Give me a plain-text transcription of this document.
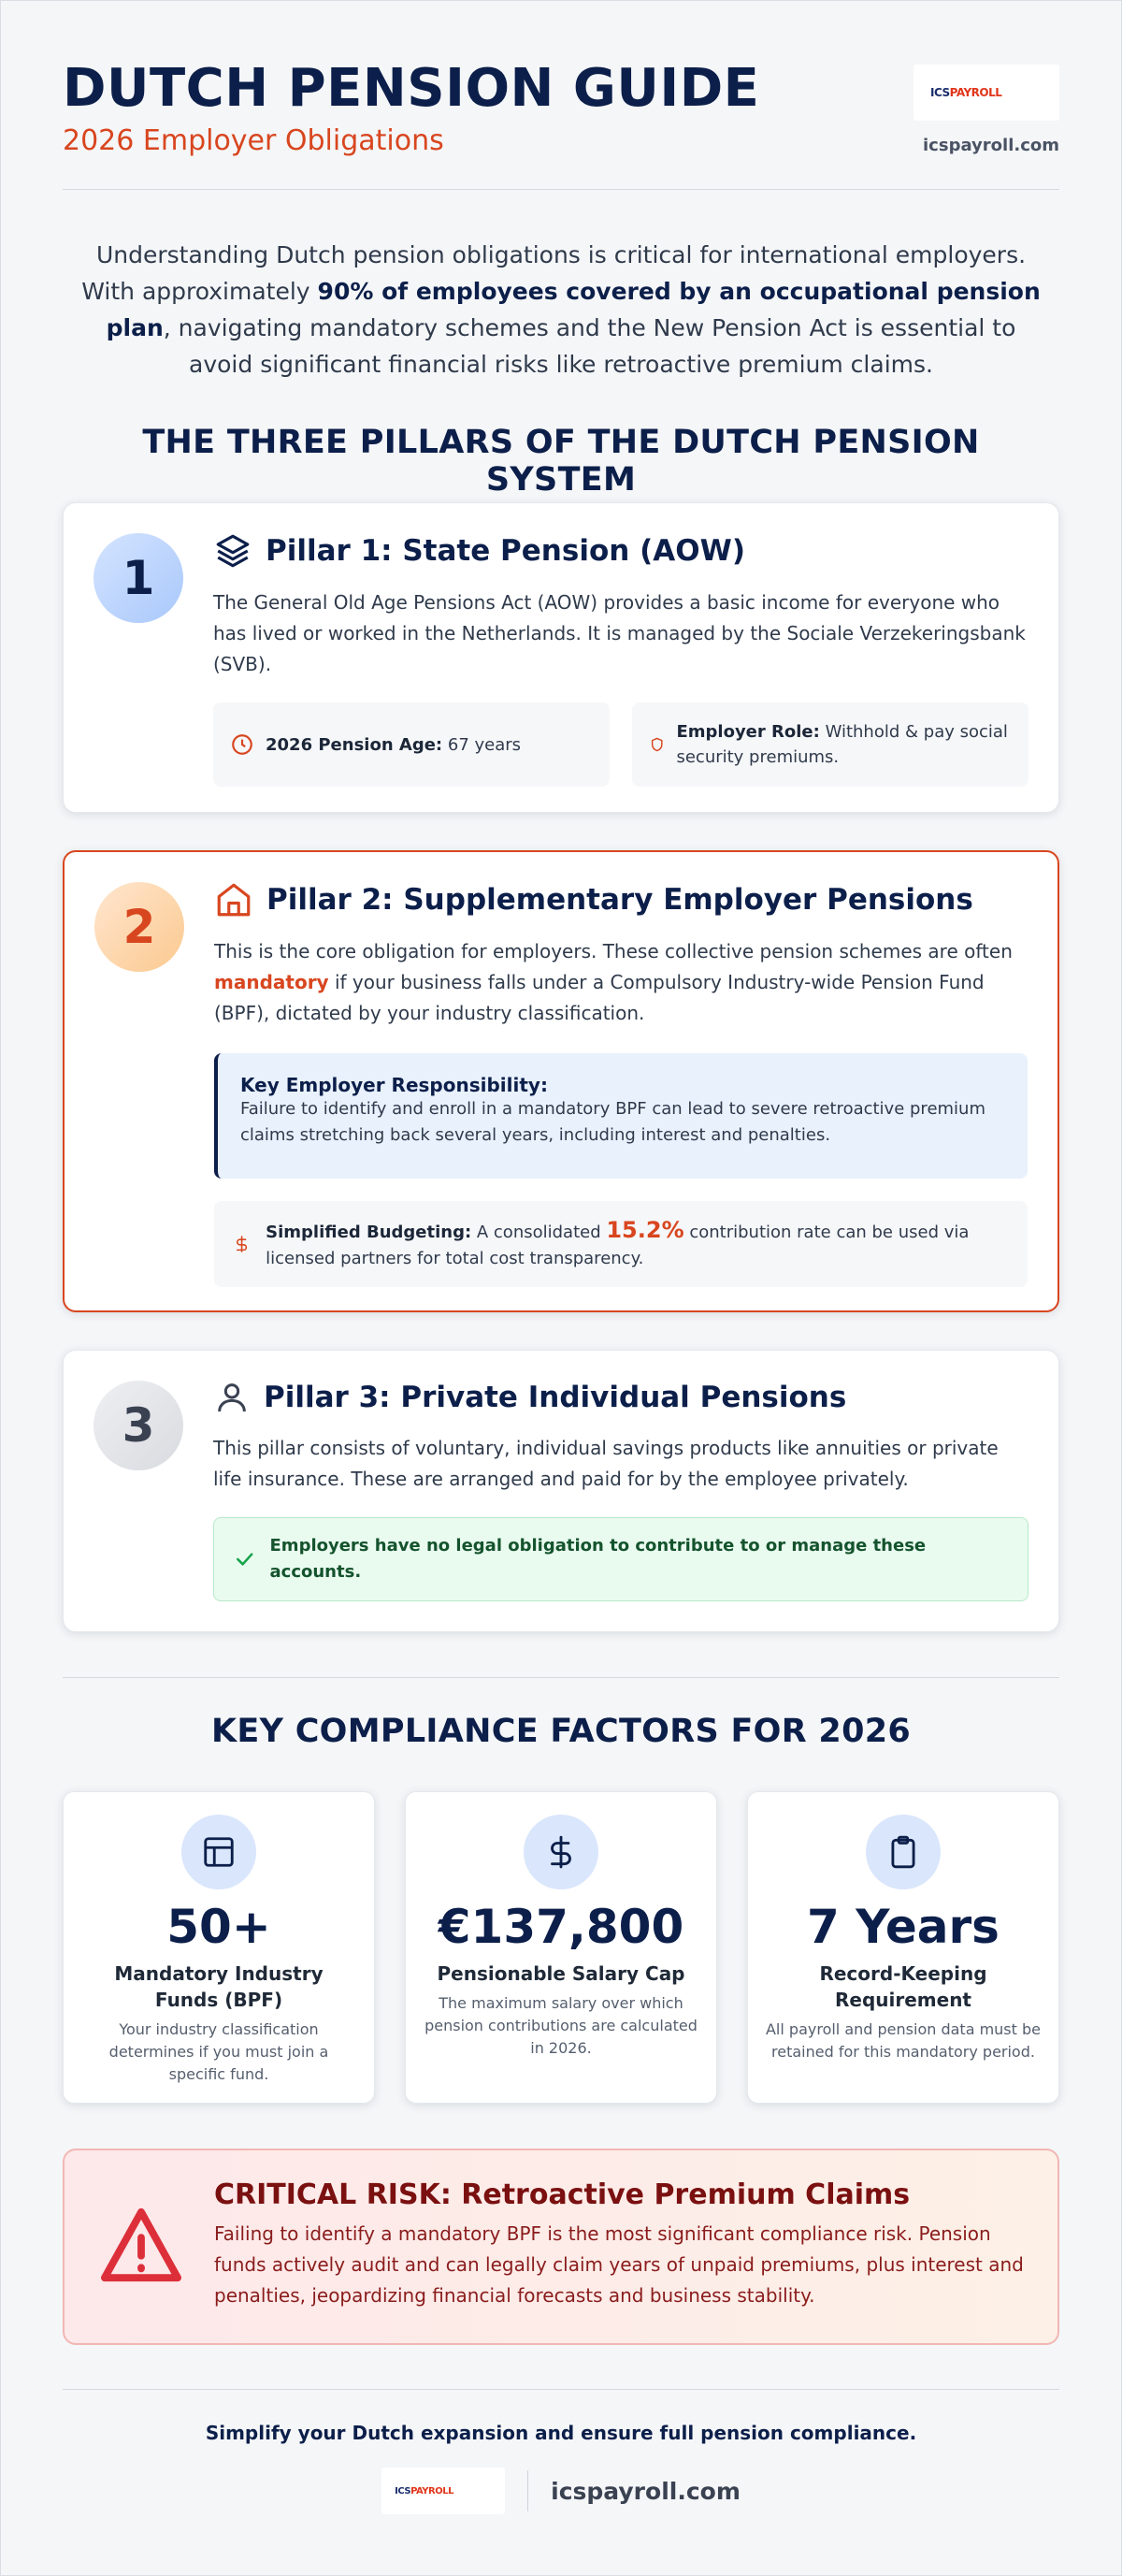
DUTCH PENSION GUIDE
2026 Employer Obligations
ICSPAYROLL
icspayroll.com

Understanding Dutch pension obligations is critical for international employers. With approximately 90% of employees covered by an occupational pension plan, navigating mandatory schemes and the New Pension Act is essential to avoid significant financial risks like retroactive premium claims.

THE THREE PILLARS OF THE DUTCH PENSION SYSTEM
1	Pillar 1: State Pension (AOW)

The General Old Age Pensions Act (AOW) provides a basic income for everyone who has lived or worked in the Netherlands. It is managed by the Sociale Verzekeringsbank (SVB).

2026 Pension Age: 67 years
Employer Role: Withhold & pay social security premiums.
2	Pillar 2: Supplementary Employer Pensions

This is the core obligation for employers. These collective pension schemes are often mandatory if your business falls under a Compulsory Industry-wide Pension Fund (BPF), dictated by your industry classification.

Key Employer Responsibility:
Failure to identify and enroll in a mandatory BPF can lead to severe retroactive premium claims stretching back several years, including interest and penalties.
Simplified Budgeting: A consolidated 15.2% contribution rate can be used via licensed partners for total cost transparency.
3
Pillar 3: Private Individual Pensions

This pillar consists of voluntary, individual savings products like annuities or private life insurance. These are arranged and paid for by the employee privately.

Employers have no legal obligation to contribute to or manage these accounts.
KEY COMPLIANCE FACTORS FOR 2026
50+
Mandatory Industry Funds (BPF)
Your industry classification determines if you must join a specific fund.
€137,800
Pensionable Salary Cap
The maximum salary over which pension contributions are calculated in 2026.
7 Years
Record-Keeping Requirement
All payroll and pension data must be retained for this mandatory period.
CRITICAL RISK: Retroactive Premium Claims

Failing to identify a mandatory BPF is the most significant compliance risk. Pension funds actively audit and can legally claim years of unpaid premiums, plus interest and penalties, jeopardizing financial forecasts and business stability.

Simplify your Dutch expansion and ensure full pension compliance.
ICSPAYROLL	icspayroll.com
